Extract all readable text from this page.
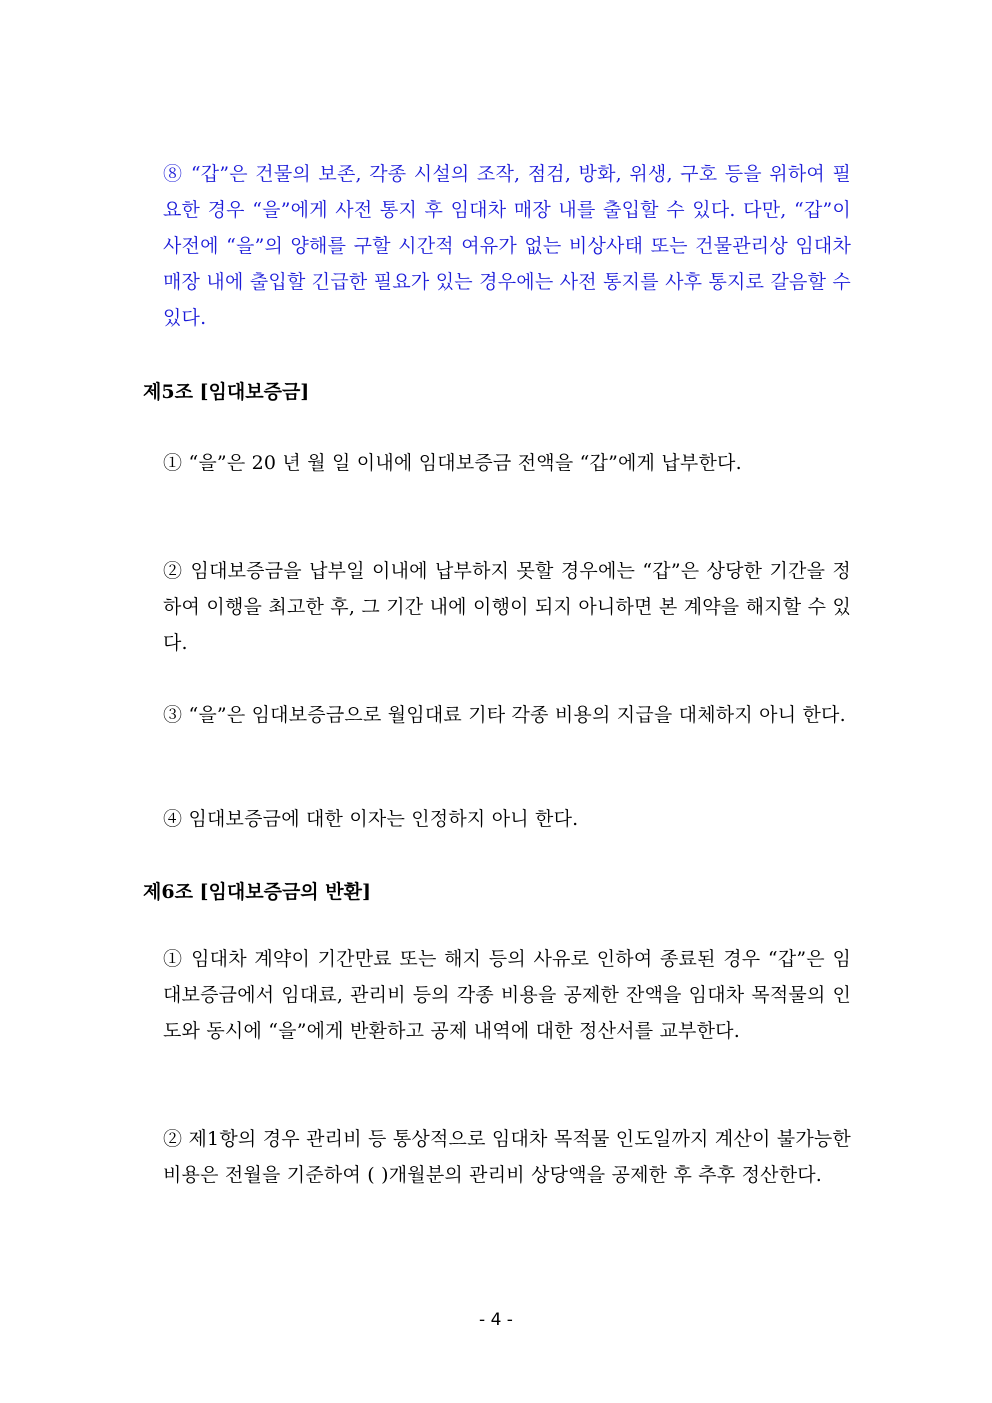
⑧ “갑”은 건물의 보존, 각종 시설의 조작, 점검, 방화, 위생, 구호 등을 위하여 필요한 경우 “을”에게 사전 통지 후 임대차 매장 내를 출입할 수 있다. 다만, “갑”이 사전에 “을”의 양해를 구할 시간적 여유가 없는 비상사태 또는 건물관리상 임대차 매장 내에 출입할 긴급한 필요가 있는 경우에는 사전 통지를 사후 통지로 갈음할 수 있다.

제5조 [임대보증금]

① “을”은 20 년 월 일 이내에 임대보증금 전액을 “갑”에게 납부한다.

② 임대보증금을 납부일 이내에 납부하지 못할 경우에는 “갑”은 상당한 기간을 정하여 이행을 최고한 후, 그 기간 내에 이행이 되지 아니하면 본 계약을 해지할 수 있다.

③ “을”은 임대보증금으로 월임대료 기타 각종 비용의 지급을 대체하지 아니 한다.

④ 임대보증금에 대한 이자는 인정하지 아니 한다.

제6조 [임대보증금의 반환]

① 임대차 계약이 기간만료 또는 해지 등의 사유로 인하여 종료된 경우 “갑”은 임대보증금에서 임대료, 관리비 등의 각종 비용을 공제한 잔액을 임대차 목적물의 인도와 동시에 “을”에게 반환하고 공제 내역에 대한 정산서를 교부한다.

② 제1항의 경우 관리비 등 통상적으로 임대차 목적물 인도일까지 계산이 불가능한 비용은 전월을 기준하여 ( )개월분의 관리비 상당액을 공제한 후 추후 정산한다.

- 4 -
